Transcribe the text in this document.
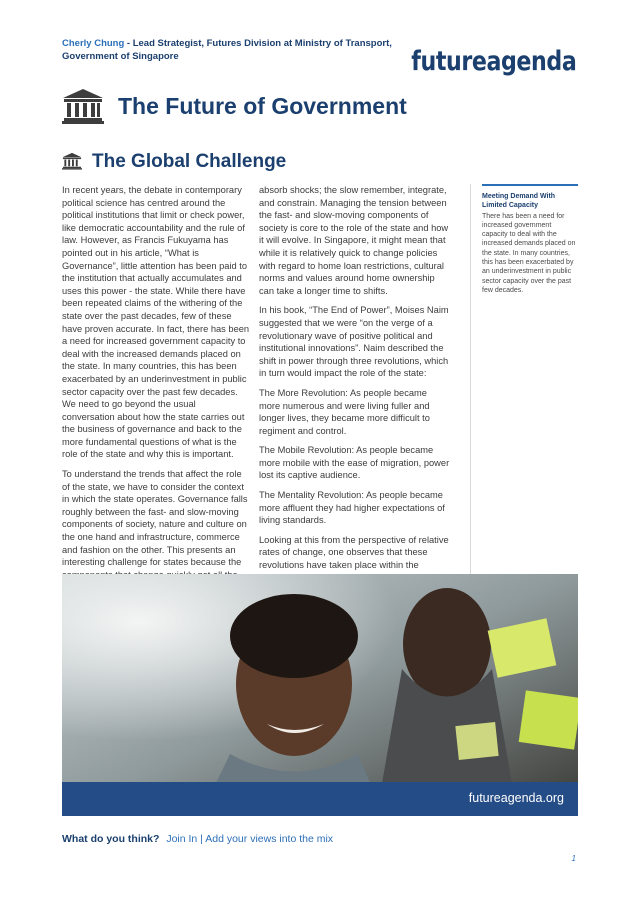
Cherly Chung - Lead Strategist, Futures Division at Ministry of Transport, Government of Singapore	futureagenda
The Future of Government
The Global Challenge

In recent years, the debate in contemporary political science has centred around the political institutions that limit or check power, like democratic accountability and the rule of law. However, as Francis Fukuyama has pointed out in his article, “What is Governance”, little attention has been paid to the institution that actually accumulates and uses this power - the state. While there have been repeated claims of the withering of the state over the past decades, few of these have proven accurate. In fact, there has been a need for increased government capacity to deal with the increased demands placed on the state. In many countries, this has been exacerbated by an underinvestment in public sector capacity over the past few decades. We need to go beyond the usual conversation about how the state carries out the business of governance and back to the more fundamental questions of what is the role of the state and why this is important.

To understand the trends that affect the role of the state, we have to consider the context in which the state operates. Governance falls roughly between the fast- and slow-moving components of society, nature and culture on the one hand and infrastructure, commerce and fashion on the other. This presents an interesting challenge for states because the

absorb shocks; the slow remember, integrate, and constrain. Managing the tension between the fast- and slow-moving components of society is core to the role of the state and how it will evolve. In Singapore, it might mean that while it is relatively quick to change policies with regard to home loan restrictions, cultural norms and values around home ownership can take a longer time to shifts.

In his book, “The End of Power”, Moises Naim suggested that we were “on the verge of a revolutionary wave of positive political and institutional innovations”. Naim described the shift in power through three revolutions, which in turn would impact the role of the state:

The More Revolution: As people became more numerous and were living fuller and longer lives, they became more difficult to regiment and control.

The Mobile Revolution: As people became more mobile with the ease of migration, power lost its captive audience.

The Mentality Revolution: As people became more affluent they had higher expectations of living standards.

Looking at this from the perspective of relative rates of change, one observes that these revolutions have taken place within the

Meeting Demand With Limited Capacity
There has been a need for increased government capacity to deal with the increased demands placed on the state. In many countries, this has been exacerbated by an underinvestment in public sector capacity over the past few decades.
futureagenda.org
What do you think? Join In | Add your views into the mix
1
